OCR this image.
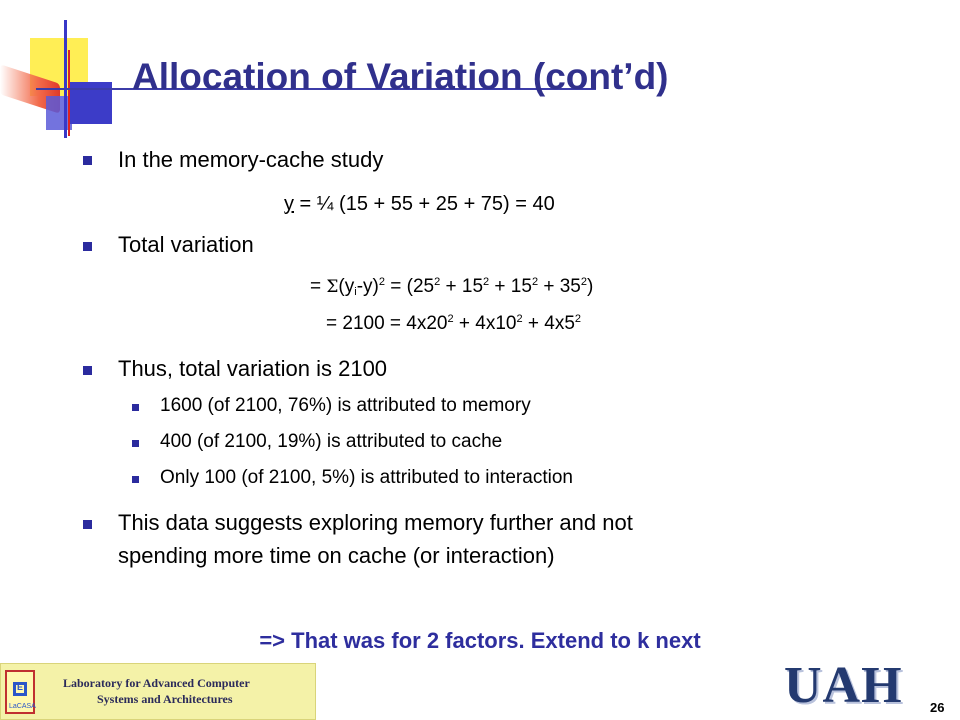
Allocation of Variation (cont’d)
In the memory-cache study
y = ¼ (15 + 55 + 25 + 75) = 40
Total variation
= $\Sigma(y_i-y)^2 = (25^2 + 15^2 + 15^2 + 35^2)$
= $2100 = 4x20^2 + 4x10^2 + 4x5^2$
Thus, total variation is 2100
1600 (of 2100, 76%) is attributed to memory
400 (of 2100, 19%) is attributed to cache
Only 100 (of 2100, 5%) is attributed to interaction
This data suggests exploring memory further and not
spending more time on cache (or interaction)
=> That was for 2 factors. Extend to k next
E
LaCASA
Laboratory for Advanced Computer
Systems and Architectures	UAH 26
